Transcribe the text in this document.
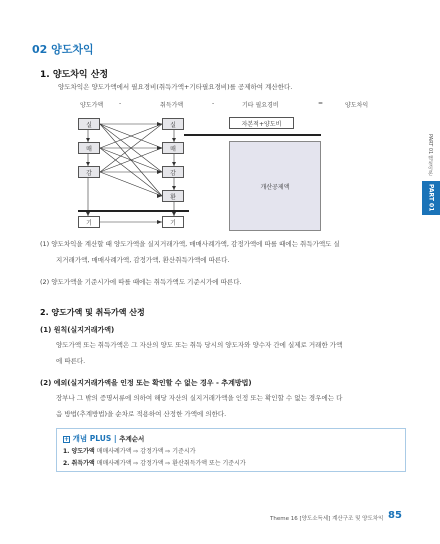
02 양도차익
1. 양도차익 산정
양도차익은 양도가액에서 필요경비(취득가액+기타필요경비)를 공제하여 계산한다.
양도가액	-	취득가액	-	기타 필요경비	=	양도차익
실
매
감
기
실
매
감
환
기
자본적+양도비
개산공제액
(1) 양도차익을 계산할 때 양도가액을 실지거래가액, 매매사례가액, 감정가액에 따를 때에는 취득가액도 실
지거래가액, 매매사례가액, 감정가액, 환산취득가액에 따른다.
(2) 양도가액을 기준시가에 따를 때에는 취득가액도 기준시가에 따른다.
2. 양도가액 및 취득가액 산정
(1) 원칙(실지거래가액)
양도가액 또는 취득가액은 그 자산의 양도 또는 취득 당시의 양도자와 양수자 간에 실제로 거래한 가액
에 따른다.
(2) 예외(실지거래가액을 인정 또는 확인할 수 없는 경우 - 추계방법)
장부나 그 밖의 증명서류에 의하여 해당 자산의 실지거래가액을 인정 또는 확인할 수 없는 경우에는 다
음 방법(추계방법)을 순차로 적용하여 산정한 가액에 의한다.
+ 개념 PLUS | 추계순서
1. 양도가액 매매사례가액 ⇨ 감정가액 ⇨ 기준시가
2. 취득가액 매매사례가액 ⇨ 감정가액 ⇨ 환산취득가액 또는 기준시가
PART 01 핵심이론
PART 01
Theme 16 [양도소득세] 계산구조 및 양도차익 85
